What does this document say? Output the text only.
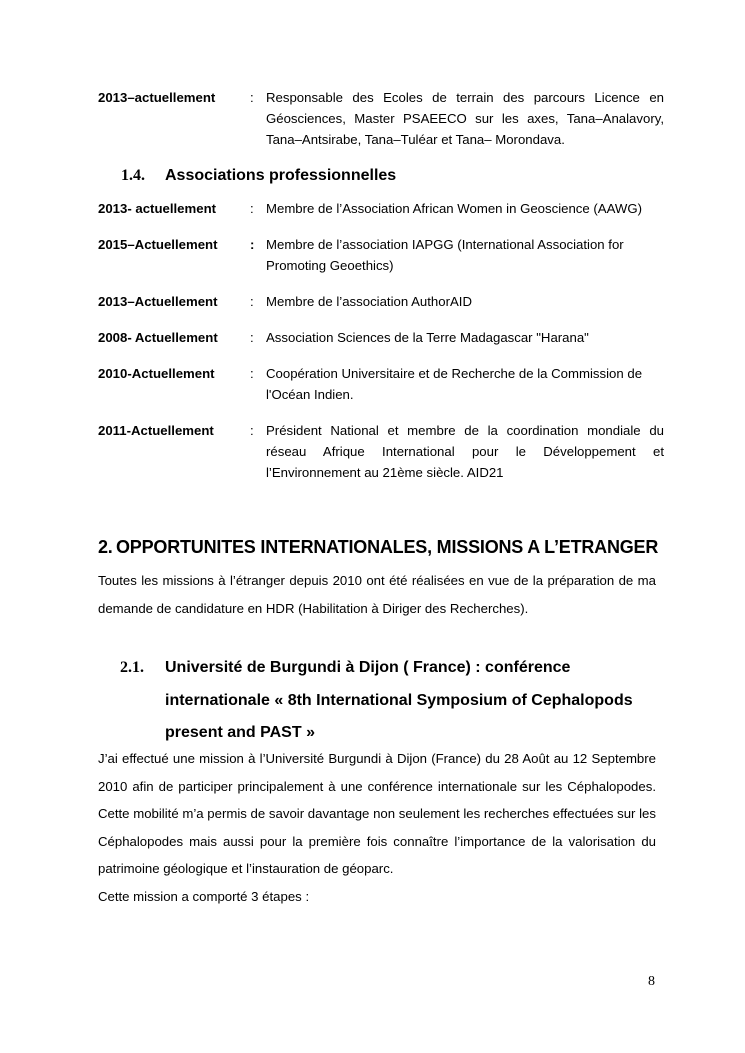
2013–actuellement	: Responsable des Ecoles de terrain des parcours Licence en Géosciences, Master PSAEECO sur les axes, Tana–Analavory, Tana–Antsirabe, Tana–Tuléar et Tana– Morondava.
1.4. Associations professionnelles
2013- actuellement	: Membre de l’Association African Women in Geoscience (AAWG)
2015–Actuellement	: Membre de l’association IAPGG (International Association for Promoting Geoethics)
2013–Actuellement	: Membre de l’association AuthorAID
2008- Actuellement	: Association Sciences de la Terre Madagascar "Harana"
2010-Actuellement	: Coopération Universitaire et de Recherche de la Commission de l'Océan Indien.
2011-Actuellement	: Président National et membre de la coordination mondiale du réseau Afrique International pour le Développement et l’Environnement au 21ème siècle. AID21
2. OPPORTUNITES INTERNATIONALES, MISSIONS A L’ETRANGER
Toutes les missions à l’étranger depuis 2010 ont été réalisées en vue de la préparation de ma demande de candidature en HDR (Habilitation à Diriger des Recherches).
2.1.	Université de Burgundi à Dijon ( France) : conférence internationale « 8th International Symposium of Cephalopods present and PAST »
J’ai effectué une mission à l’Université Burgundi à Dijon (France) du 28 Août au 12 Septembre 2010 afin de participer principalement à une conférence internationale sur les Céphalopodes. Cette mobilité m’a permis de savoir davantage non seulement les recherches effectuées sur les Céphalopodes mais aussi pour la première fois connaître l’importance de la valorisation du patrimoine géologique et l’instauration de géoparc.
Cette mission a comporté 3 étapes :
8
